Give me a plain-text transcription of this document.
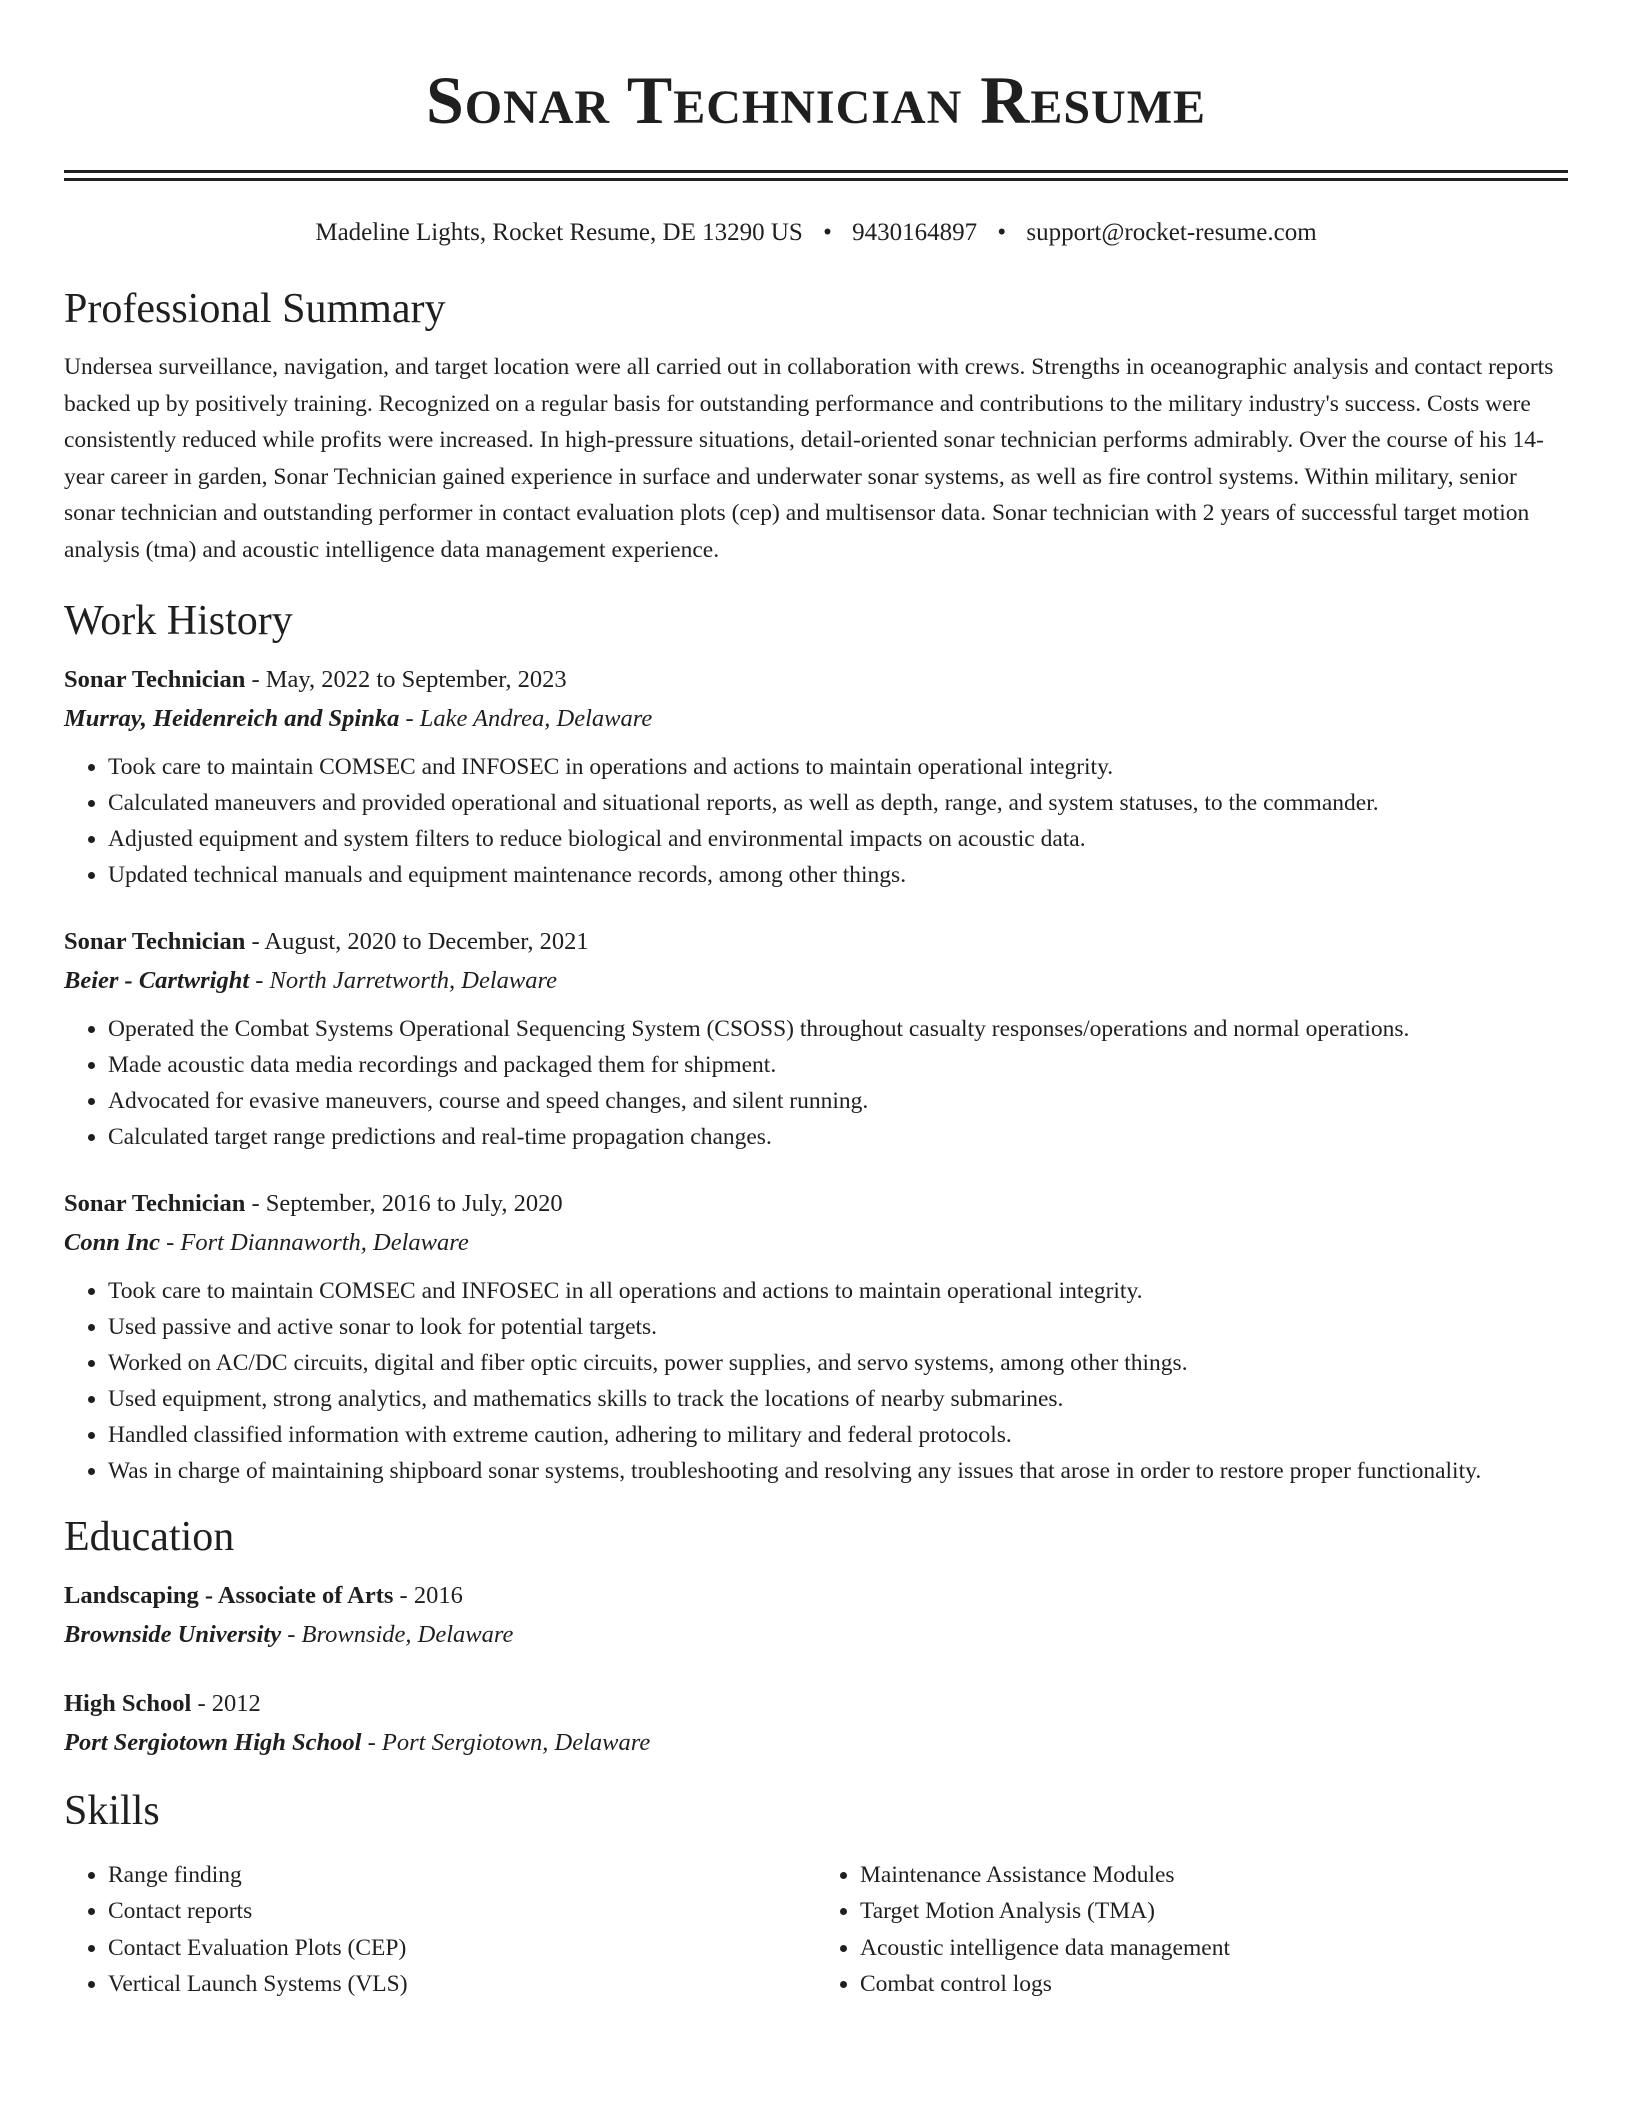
Sonar Technician Resume
Madeline Lights, Rocket Resume, DE 13290 US • 9430164897 • support@rocket-resume.com
Professional Summary

Undersea surveillance, navigation, and target location were all carried out in collaboration with crews. Strengths in oceanographic analysis and contact reports backed up by positively training. Recognized on a regular basis for outstanding performance and contributions to the military industry's success. Costs were consistently reduced while profits were increased. In high-pressure situations, detail-oriented sonar technician performs admirably. Over the course of his 14-year career in garden, Sonar Technician gained experience in surface and underwater sonar systems, as well as fire control systems. Within military, senior sonar technician and outstanding performer in contact evaluation plots (cep) and multisensor data. Sonar technician with 2 years of successful target motion analysis (tma) and acoustic intelligence data management experience.

Work History
Sonar Technician - May, 2022 to September, 2023
Murray, Heidenreich and Spinka - Lake Andrea, Delaware
• Took care to maintain COMSEC and INFOSEC in operations and actions to maintain operational integrity.
• Calculated maneuvers and provided operational and situational reports, as well as depth, range, and system statuses, to the commander.
• Adjusted equipment and system filters to reduce biological and environmental impacts on acoustic data.
• Updated technical manuals and equipment maintenance records, among other things.
Sonar Technician - August, 2020 to December, 2021
Beier - Cartwright - North Jarretworth, Delaware
• Operated the Combat Systems Operational Sequencing System (CSOSS) throughout casualty responses/operations and normal operations.
• Made acoustic data media recordings and packaged them for shipment.
• Advocated for evasive maneuvers, course and speed changes, and silent running.
• Calculated target range predictions and real-time propagation changes.
Sonar Technician - September, 2016 to July, 2020
Conn Inc - Fort Diannaworth, Delaware
• Took care to maintain COMSEC and INFOSEC in all operations and actions to maintain operational integrity.
• Used passive and active sonar to look for potential targets.
• Worked on AC/DC circuits, digital and fiber optic circuits, power supplies, and servo systems, among other things.
• Used equipment, strong analytics, and mathematics skills to track the locations of nearby submarines.
• Handled classified information with extreme caution, adhering to military and federal protocols.
• Was in charge of maintaining shipboard sonar systems, troubleshooting and resolving any issues that arose in order to restore proper functionality.
Education
Landscaping - Associate of Arts - 2016
Brownside University - Brownside, Delaware
High School - 2012
Port Sergiotown High School - Port Sergiotown, Delaware
Skills
• Range finding
• Contact reports
• Contact Evaluation Plots (CEP)
• Vertical Launch Systems (VLS)
• Maintenance Assistance Modules
• Target Motion Analysis (TMA)
• Acoustic intelligence data management
• Combat control logs
